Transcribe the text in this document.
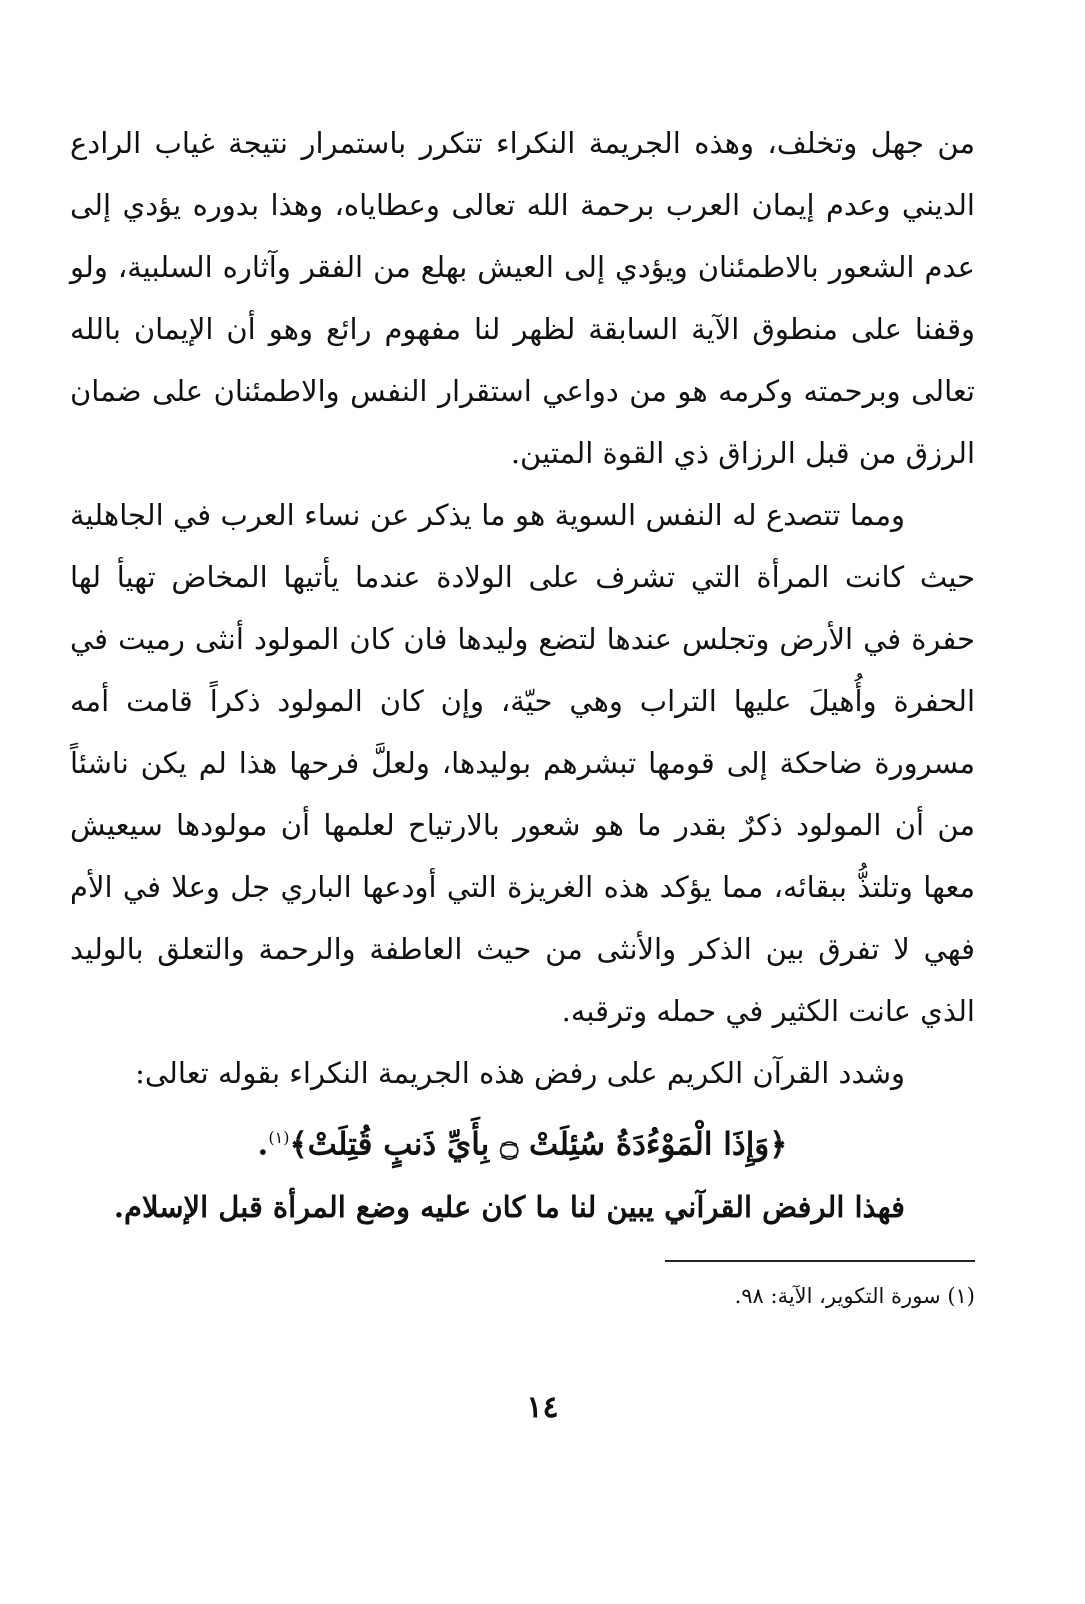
من جهل وتخلف، وهذه الجريمة النكراء تتكرر باستمرار نتيجة غياب الرادع الديني وعدم إيمان العرب برحمة الله تعالى وعطاياه، وهذا بدوره يؤدي إلى عدم الشعور بالاطمئنان ويؤدي إلى العيش بهلع من الفقر وآثاره السلبية، ولو وقفنا على منطوق الآية السابقة لظهر لنا مفهوم رائع وهو أن الإيمان بالله تعالى وبرحمته وكرمه هو من دواعي استقرار النفس والاطمئنان على ضمان الرزق من قبل الرزاق ذي القوة المتين.

ومما تتصدع له النفس السوية هو ما يذكر عن نساء العرب في الجاهلية حيث كانت المرأة التي تشرف على الولادة عندما يأتيها المخاض تهيأ لها حفرة في الأرض وتجلس عندها لتضع وليدها فان كان المولود أنثى رميت في الحفرة وأُهيلَ عليها التراب وهي حيّة، وإن كان المولود ذكراً قامت أمه مسرورة ضاحكة إلى قومها تبشرهم بوليدها، ولعلَّ فرحها هذا لم يكن ناشئاً من أن المولود ذكرٌ بقدر ما هو شعور بالارتياح لعلمها أن مولودها سيعيش معها وتلتذُّ ببقائه، مما يؤكد هذه الغريزة التي أودعها الباري جل وعلا في الأم فهي لا تفرق بين الذكر والأنثى من حيث العاطفة والرحمة والتعلق بالوليد الذي عانت الكثير في حمله وترقبه.

وشدد القرآن الكريم على رفض هذه الجريمة النكراء بقوله تعالى:

﴿وَإِذَا الْمَوْءُدَةُ سُئِلَتْ ۝ بِأَيِّ ذَنبٍ قُتِلَتْ﴾$^{(١)}$.

فهذا الرفض القرآني يبين لنا ما كان عليه وضع المرأة قبل الإسلام.

(١) سورة التكوير، الآية: ٩٨.

١٤
